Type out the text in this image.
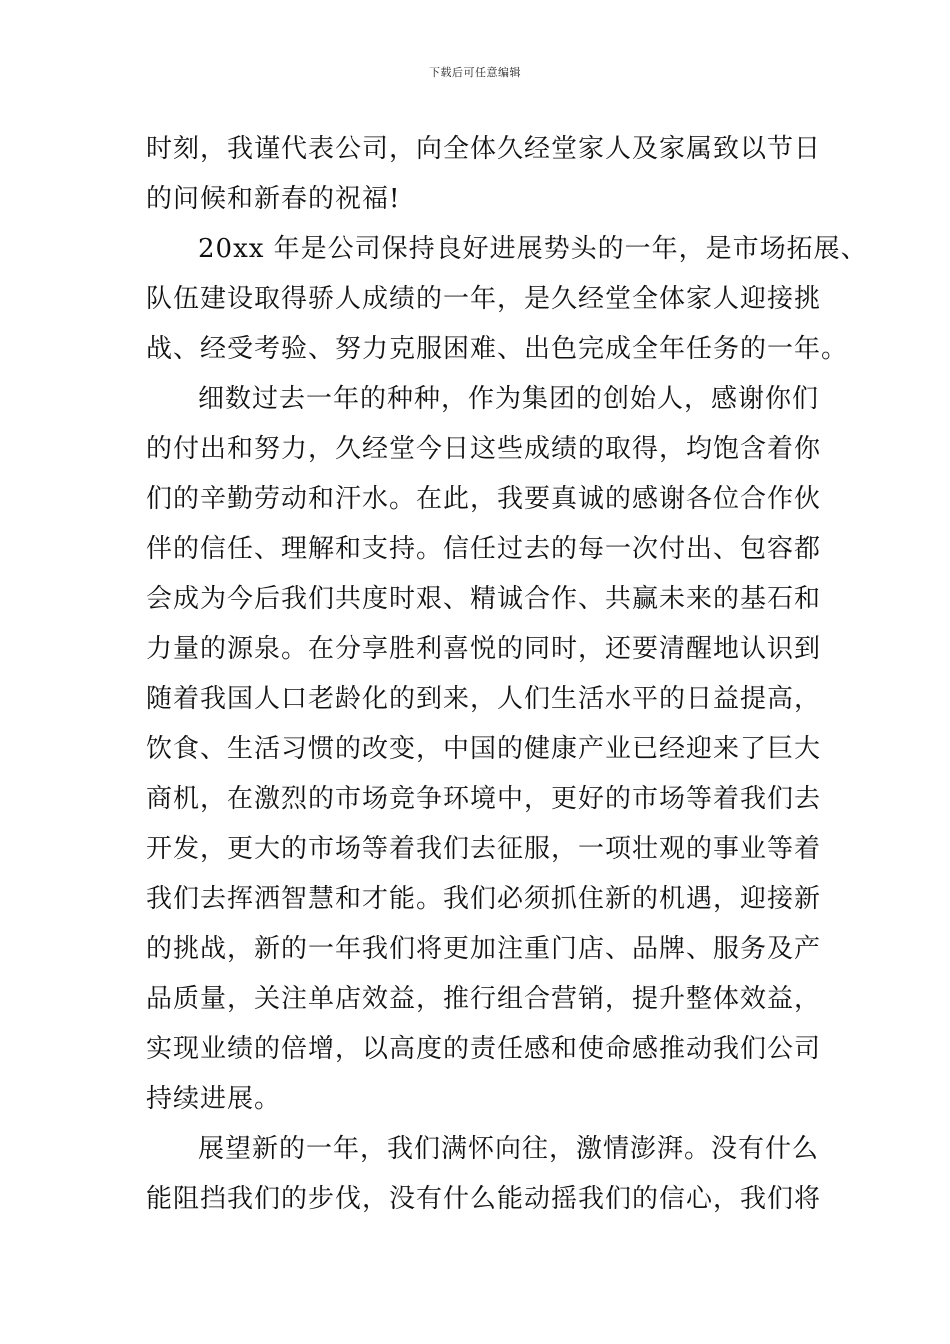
下载后可任意编辑
时刻，我谨代表公司，向全体久经堂家人及家属致以节日
的问候和新春的祝福!
20xx 年是公司保持良好进展势头的一年，是市场拓展、
队伍建设取得骄人成绩的一年，是久经堂全体家人迎接挑
战、经受考验、努力克服困难、出色完成全年任务的一年。
细数过去一年的种种，作为集团的创始人，感谢你们
的付出和努力，久经堂今日这些成绩的取得，均饱含着你
们的辛勤劳动和汗水。在此，我要真诚的感谢各位合作伙
伴的信任、理解和支持。信任过去的每一次付出、包容都
会成为今后我们共度时艰、精诚合作、共赢未来的基石和
力量的源泉。在分享胜利喜悦的同时，还要清醒地认识到
随着我国人口老龄化的到来，人们生活水平的日益提高，
饮食、生活习惯的改变，中国的健康产业已经迎来了巨大
商机，在激烈的市场竞争环境中，更好的市场等着我们去
开发，更大的市场等着我们去征服，一项壮观的事业等着
我们去挥洒智慧和才能。我们必须抓住新的机遇，迎接新
的挑战，新的一年我们将更加注重门店、品牌、服务及产
品质量，关注单店效益，推行组合营销，提升整体效益，
实现业绩的倍增，以高度的责任感和使命感推动我们公司
持续进展。
展望新的一年，我们满怀向往，激情澎湃。没有什么
能阻挡我们的步伐，没有什么能动摇我们的信心，我们将
